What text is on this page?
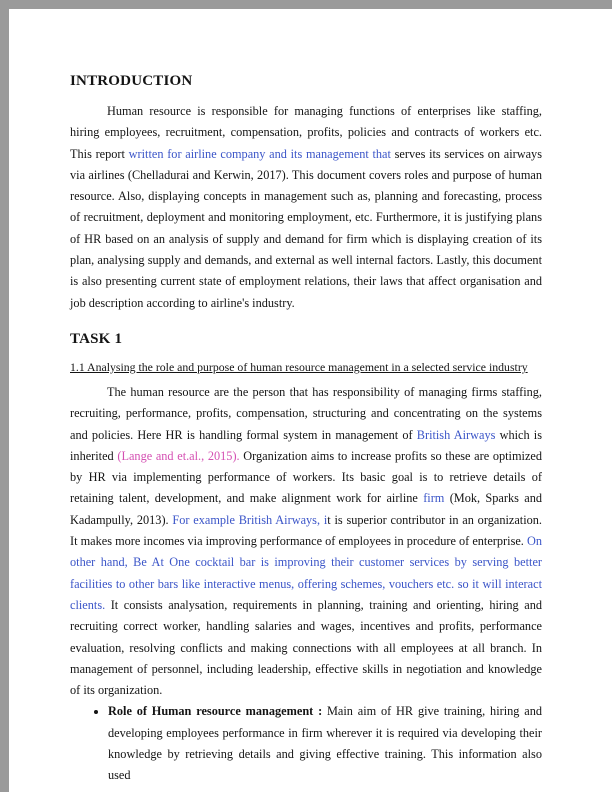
INTRODUCTION

Human resource is responsible for managing functions of enterprises like staffing, hiring employees, recruitment, compensation, profits, policies and contracts of workers etc. This report written for airline company and its management that serves its services on airways via airlines (Chelladurai and Kerwin, 2017). This document covers roles and purpose of human resource. Also, displaying concepts in management such as, planning and forecasting, process of recruitment, deployment and monitoring employment, etc. Furthermore, it is justifying plans of HR based on an analysis of supply and demand for firm which is displaying creation of its plan, analysing supply and demands, and external as well internal factors. Lastly, this document is also presenting current state of employment relations, their laws that affect organisation and job description according to airline's industry.

TASK 1
1.1 Analysing the role and purpose of human resource management in a selected service industry

The human resource are the person that has responsibility of managing firms staffing, recruiting, performance, profits, compensation, structuring and concentrating on the systems and policies. Here HR is handling formal system in management of British Airways which is inherited (Lange and et.al., 2015). Organization aims to increase profits so these are optimized by HR via implementing performance of workers. Its basic goal is to retrieve details of retaining talent, development, and make alignment work for airline firm (Mok, Sparks and Kadampully, 2013). For example British Airways, it is superior contributor in an organization. It makes more incomes via improving performance of employees in procedure of enterprise. On other hand, Be At One cocktail bar is improving their customer services by serving better facilities to other bars like interactive menus, offering schemes, vouchers etc. so it will interact clients. It consists analysation, requirements in planning, training and orienting, hiring and recruiting correct worker, handling salaries and wages, incentives and profits, performance evaluation, resolving conflicts and making connections with all employees at all branch. In management of personnel, including leadership, effective skills in negotiation and knowledge of its organization.

• Role of Human resource management : Main aim of HR give training, hiring and developing employees performance in firm wherever it is required via developing their knowledge by retrieving details and giving effective training. This information also used
